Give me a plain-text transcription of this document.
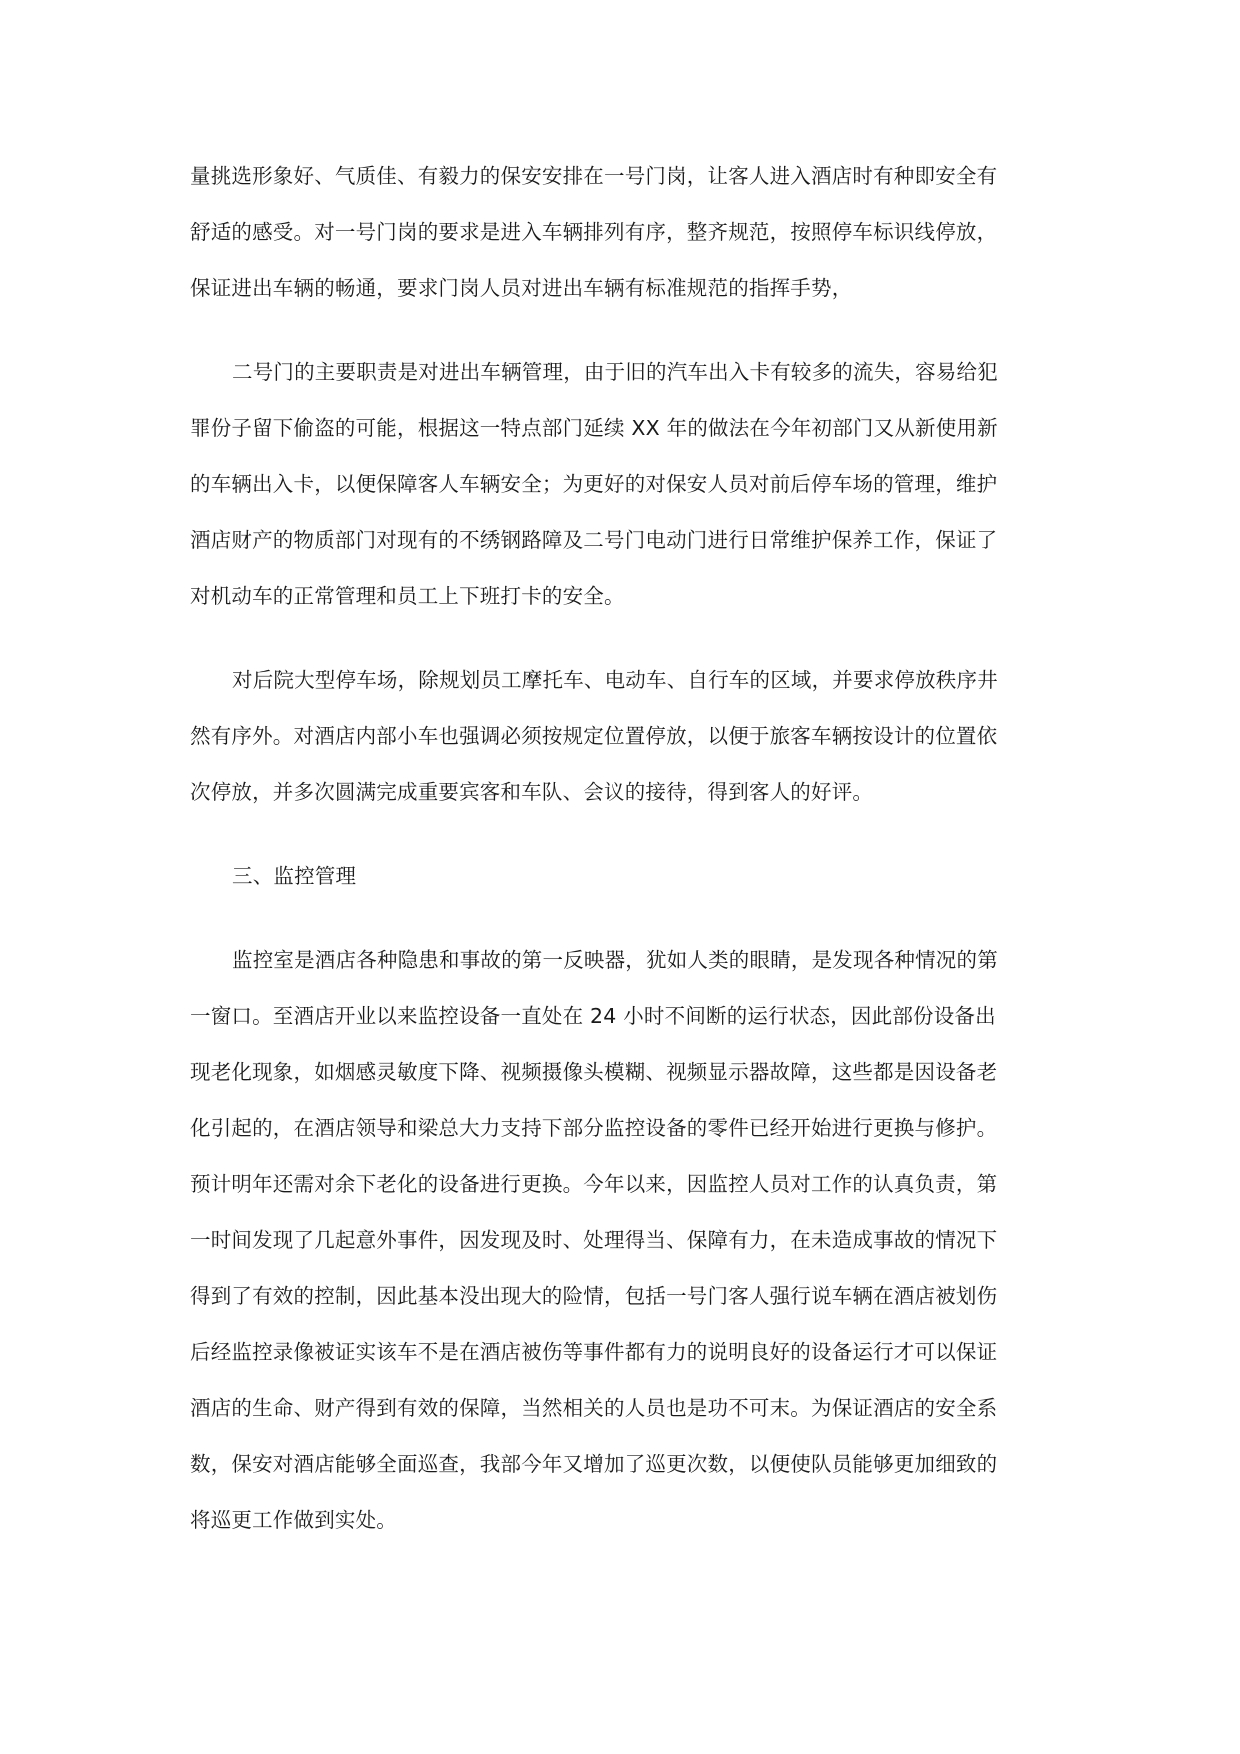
量挑选形象好、气质佳、有毅力的保安安排在一号门岗，让客人进入酒店时有种即安全有
舒适的感受。对一号门岗的要求是进入车辆排列有序，整齐规范，按照停车标识线停放，
保证进出车辆的畅通，要求门岗人员对进出车辆有标准规范的指挥手势，
二号门的主要职责是对进出车辆管理，由于旧的汽车出入卡有较多的流失，容易给犯
罪份子留下偷盗的可能，根据这一特点部门延续 XX 年的做法在今年初部门又从新使用新
的车辆出入卡，以便保障客人车辆安全；为更好的对保安人员对前后停车场的管理，维护
酒店财产的物质部门对现有的不绣钢路障及二号门电动门进行日常维护保养工作，保证了
对机动车的正常管理和员工上下班打卡的安全。
对后院大型停车场，除规划员工摩托车、电动车、自行车的区域，并要求停放秩序井
然有序外。对酒店内部小车也强调必须按规定位置停放，以便于旅客车辆按设计的位置依
次停放，并多次圆满完成重要宾客和车队、会议的接待，得到客人的好评。
三、监控管理
监控室是酒店各种隐患和事故的第一反映器，犹如人类的眼睛，是发现各种情况的第
一窗口。至酒店开业以来监控设备一直处在 24 小时不间断的运行状态，因此部份设备出
现老化现象，如烟感灵敏度下降、视频摄像头模糊、视频显示器故障，这些都是因设备老
化引起的，在酒店领导和梁总大力支持下部分监控设备的零件已经开始进行更换与修护。
预计明年还需对余下老化的设备进行更换。今年以来，因监控人员对工作的认真负责，第
一时间发现了几起意外事件，因发现及时、处理得当、保障有力，在未造成事故的情况下
得到了有效的控制，因此基本没出现大的险情，包括一号门客人强行说车辆在酒店被划伤
后经监控录像被证实该车不是在酒店被伤等事件都有力的说明良好的设备运行才可以保证
酒店的生命、财产得到有效的保障，当然相关的人员也是功不可末。为保证酒店的安全系
数，保安对酒店能够全面巡查，我部今年又增加了巡更次数，以便使队员能够更加细致的
将巡更工作做到实处。
